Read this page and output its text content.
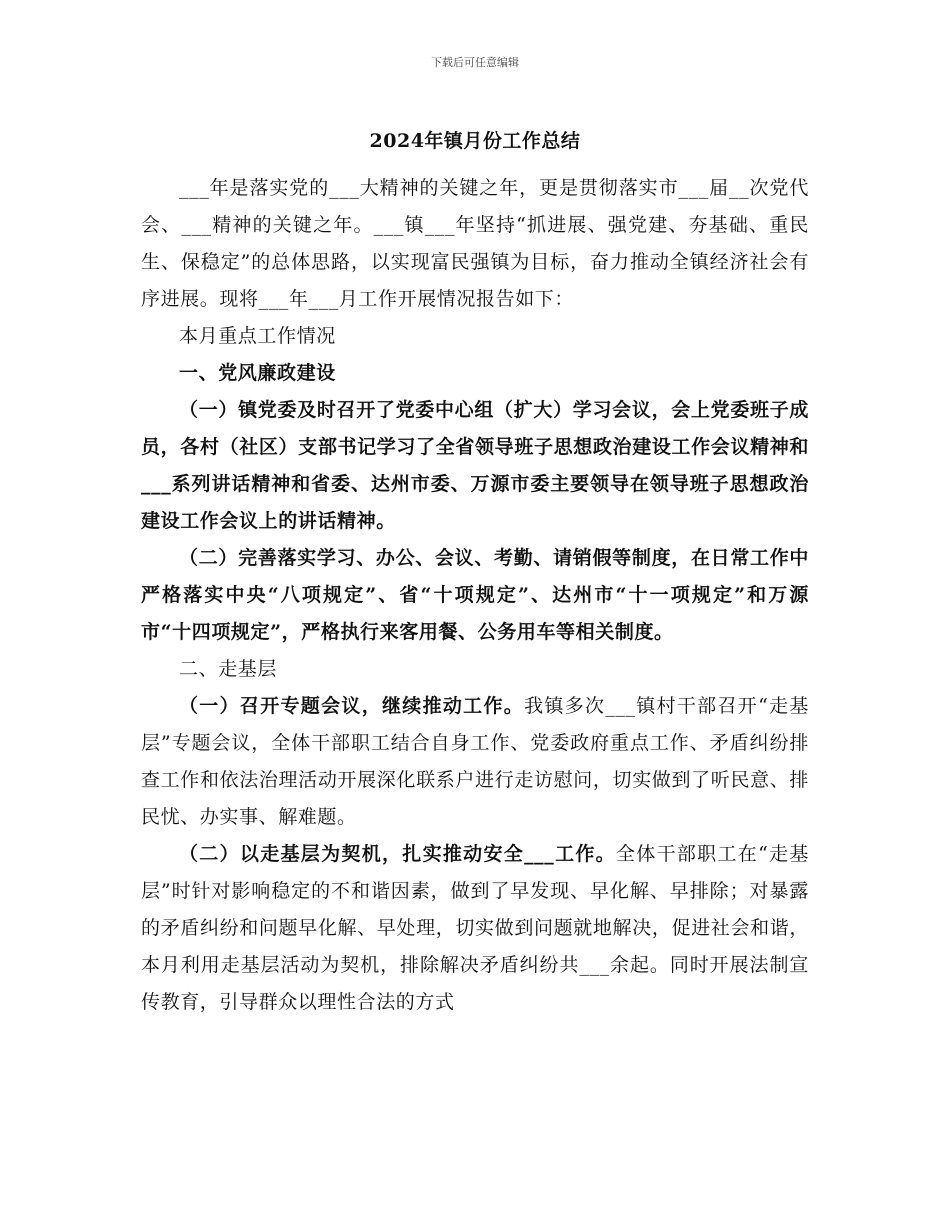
下载后可任意编辑
2024年镇月份工作总结

___年是落实党的___大精神的关键之年，更是贯彻落实市___届__次党代会、___精神的关键之年。___镇___年坚持“抓进展、强党建、夯基础、重民生、保稳定”的总体思路，以实现富民强镇为目标，奋力推动全镇经济社会有序进展。现将___年___月工作开展情况报告如下：

本月重点工作情况

一、党风廉政建设

（一）镇党委及时召开了党委中心组（扩大）学习会议，会上党委班子成员，各村（社区）支部书记学习了全省领导班子思想政治建设工作会议精神和___系列讲话精神和省委、达州市委、万源市委主要领导在领导班子思想政治建设工作会议上的讲话精神。

（二）完善落实学习、办公、会议、考勤、请销假等制度，在日常工作中严格落实中央“八项规定”、省“十项规定”、达州市“十一项规定”和万源市“十四项规定”，严格执行来客用餐、公务用车等相关制度。

二、走基层

（一）召开专题会议，继续推动工作。我镇多次___镇村干部召开“走基层”专题会议，全体干部职工结合自身工作、党委政府重点工作、矛盾纠纷排查工作和依法治理活动开展深化联系户进行走访慰问，切实做到了听民意、排民忧、办实事、解难题。

（二）以走基层为契机，扎实推动安全___工作。全体干部职工在“走基层”时针对影响稳定的不和谐因素，做到了早发现、早化解、早排除；对暴露的矛盾纠纷和问题早化解、早处理，切实做到问题就地解决，促进社会和谐，本月利用走基层活动为契机，排除解决矛盾纠纷共___余起。同时开展法制宣传教育，引导群众以理性合法的方式
